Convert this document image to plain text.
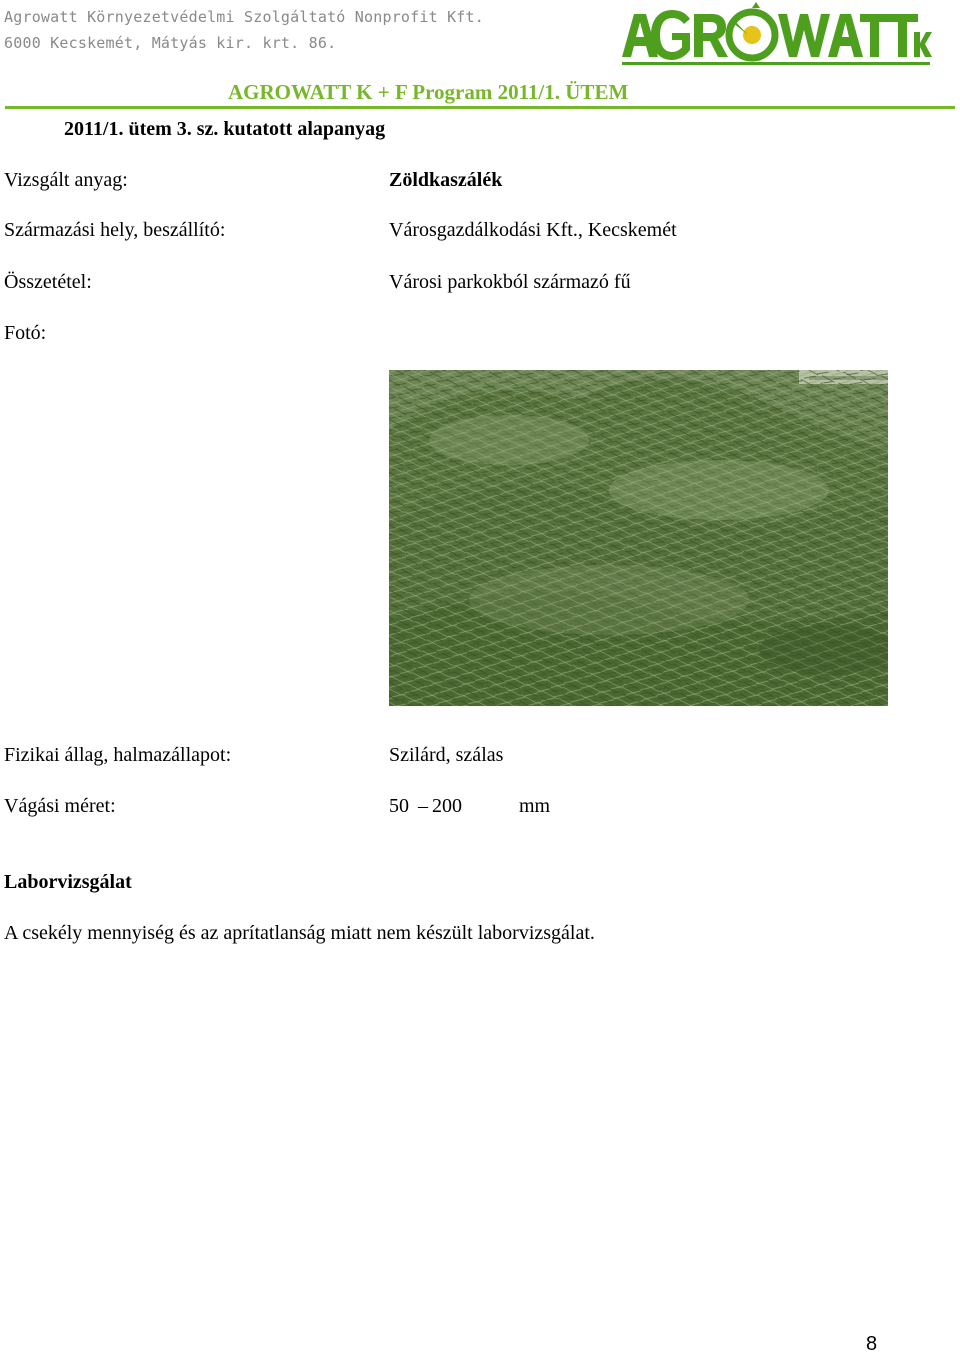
Agrowatt Környezetvédelmi Szolgáltató Nonprofit Kft.
6000 Kecskemét, Mátyás kir. krt. 86.
AGROWATT K + F Program 2011/1. ÜTEM
2011/1. ütem 3. sz. kutatott alapanyag
Vizsgált anyag:	Zöldkaszálék
Származási hely, beszállító:	Városgazdálkodási Kft., Kecskemét
Összetétel:	Városi parkokból származó fű
Fotó:
Fizikai állag, halmazállapot:	Szilárd, szálas
Vágási méret:	50 – 200	mm
Laborvizsgálat
A csekély mennyiség és az aprítatlanság miatt nem készült laborvizsgálat.
8
